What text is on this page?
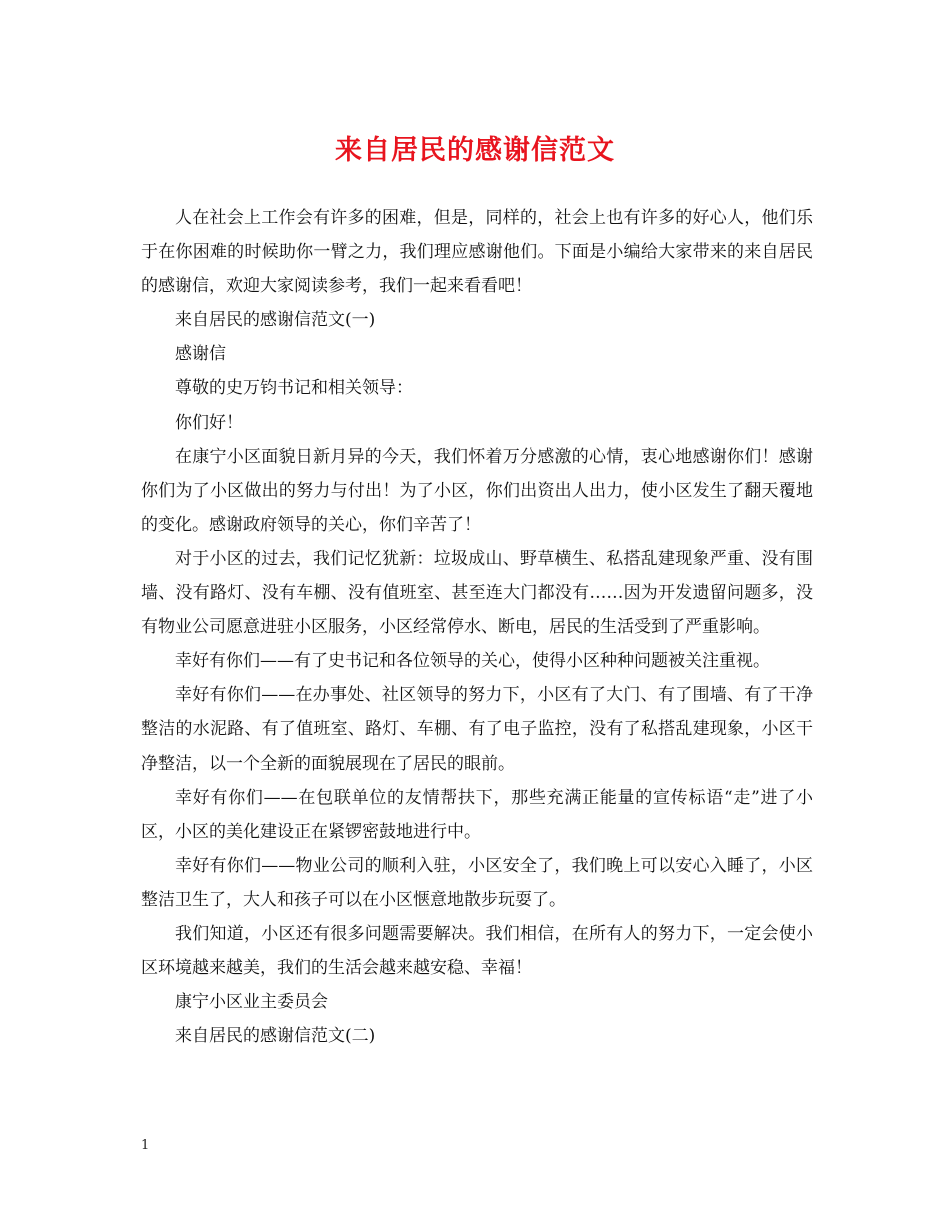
来自居民的感谢信范文

人在社会上工作会有许多的困难，但是，同样的，社会上也有许多的好心人，他们乐于在你困难的时候助你一臂之力，我们理应感谢他们。下面是小编给大家带来的来自居民的感谢信，欢迎大家阅读参考，我们一起来看看吧！

来自居民的感谢信范文(一)

感谢信

尊敬的史万钧书记和相关领导：

你们好！

在康宁小区面貌日新月异的今天，我们怀着万分感激的心情，衷心地感谢你们！感谢你们为了小区做出的努力与付出！为了小区，你们出资出人出力，使小区发生了翻天覆地的变化。感谢政府领导的关心，你们辛苦了！

对于小区的过去，我们记忆犹新：垃圾成山、野草横生、私搭乱建现象严重、没有围墙、没有路灯、没有车棚、没有值班室、甚至连大门都没有……因为开发遗留问题多，没有物业公司愿意进驻小区服务，小区经常停水、断电，居民的生活受到了严重影响。

幸好有你们——有了史书记和各位领导的关心，使得小区种种问题被关注重视。

幸好有你们——在办事处、社区领导的努力下，小区有了大门、有了围墙、有了干净整洁的水泥路、有了值班室、路灯、车棚、有了电子监控，没有了私搭乱建现象，小区干净整洁，以一个全新的面貌展现在了居民的眼前。

幸好有你们——在包联单位的友情帮扶下，那些充满正能量的宣传标语“走”进了小区，小区的美化建设正在紧锣密鼓地进行中。

幸好有你们——物业公司的顺利入驻，小区安全了，我们晚上可以安心入睡了，小区整洁卫生了，大人和孩子可以在小区惬意地散步玩耍了。

我们知道，小区还有很多问题需要解决。我们相信，在所有人的努力下，一定会使小区环境越来越美，我们的生活会越来越安稳、幸福！

康宁小区业主委员会

来自居民的感谢信范文(二)

1
